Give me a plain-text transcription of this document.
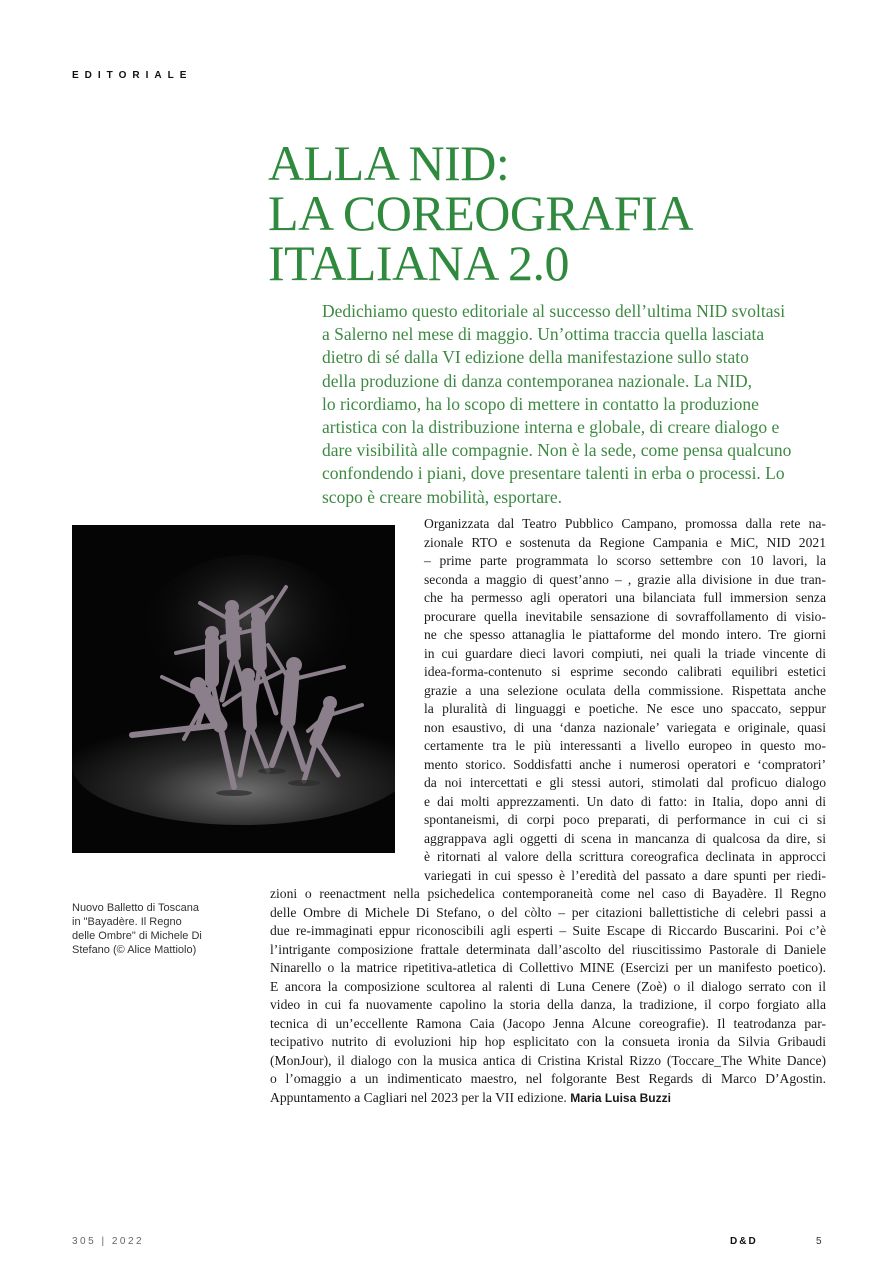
EDITORIALE
ALLA NID:
LA COREOGRAFIA
ITALIANA 2.0

Dedichiamo questo editoriale al successo dell’ultima NID svoltasi
a Salerno nel mese di maggio. Un’ottima traccia quella lasciata
dietro di sé dalla VI edizione della manifestazione sullo stato
della produzione di danza contemporanea nazionale. La NID,
lo ricordiamo, ha lo scopo di mettere in contatto la produzione
artistica con la distribuzione interna e globale, di creare dialogo e
dare visibilità alle compagnie. Non è la sede, come pensa qualcuno
confondendo i piani, dove presentare talenti in erba o processi. Lo
scopo è creare mobilità, esportare.

Nuovo Balletto di Toscana
in "Bayadère. Il Regno
delle Ombre" di Michele Di
Stefano (© Alice Mattiolo)

Organizzata dal Teatro Pubblico Campano, promossa dalla rete na-
zionale RTO e sostenuta da Regione Campania e MiC, NID 2021
– prime parte programmata lo scorso settembre con 10 lavori, la
seconda a maggio di quest’anno – , grazie alla divisione in due tran-
che ha permesso agli operatori una bilanciata full immersion senza
procurare quella inevitabile sensazione di sovraffollamento di visio-
ne che spesso attanaglia le piattaforme del mondo intero. Tre giorni
in cui guardare dieci lavori compiuti, nei quali la triade vincente di
idea-forma-contenuto si esprime secondo calibrati equilibri estetici
grazie a una selezione oculata della commissione. Rispettata anche
la pluralità di linguaggi e poetiche. Ne esce uno spaccato, seppur
non esaustivo, di una ‘danza nazionale’ variegata e originale, quasi
certamente tra le più interessanti a livello europeo in questo mo-
mento storico. Soddisfatti anche i numerosi operatori e ‘compratori’
da noi intercettati e gli stessi autori, stimolati dal proficuo dialogo
e dai molti apprezzamenti. Un dato di fatto: in Italia, dopo anni di
spontaneismi, di corpi poco preparati, di performance in cui ci si
aggrappava agli oggetti di scena in mancanza di qualcosa da dire, si
è ritornati al valore della scrittura coreografica declinata in approcci
variegati in cui spesso è l’eredità del passato a dare spunti per riedi-
zioni o reenactment nella psichedelica contemporaneità come nel caso di Bayadère. Il Regno
delle Ombre di Michele Di Stefano, o del còlto – per citazioni ballettistiche di celebri passi a
due re-immaginati eppur riconoscibili agli esperti – Suite Escape di Riccardo Buscarini. Poi c’è
l’intrigante composizione frattale determinata dall’ascolto del riuscitissimo Pastorale di Daniele
Ninarello o la matrice ripetitiva-atletica di Collettivo MINE (Esercizi per un manifesto poetico).
E ancora la composizione scultorea al ralenti di Luna Cenere (Zoè) o il dialogo serrato con il
video in cui fa nuovamente capolino la storia della danza, la tradizione, il corpo forgiato alla
tecnica di un’eccellente Ramona Caia (Jacopo Jenna Alcune coreografie). Il teatrodanza par-
tecipativo nutrito di evoluzioni hip hop esplicitato con la consueta ironia da Silvia Gribaudi
(MonJour), il dialogo con la musica antica di Cristina Kristal Rizzo (Toccare_The White Dance)
o l’omaggio a un indimenticato maestro, nel folgorante Best Regards di Marco D’Agostin.
Appuntamento a Cagliari nel 2023 per la VII edizione. Maria Luisa Buzzi
305 | 2022	D&D	5
